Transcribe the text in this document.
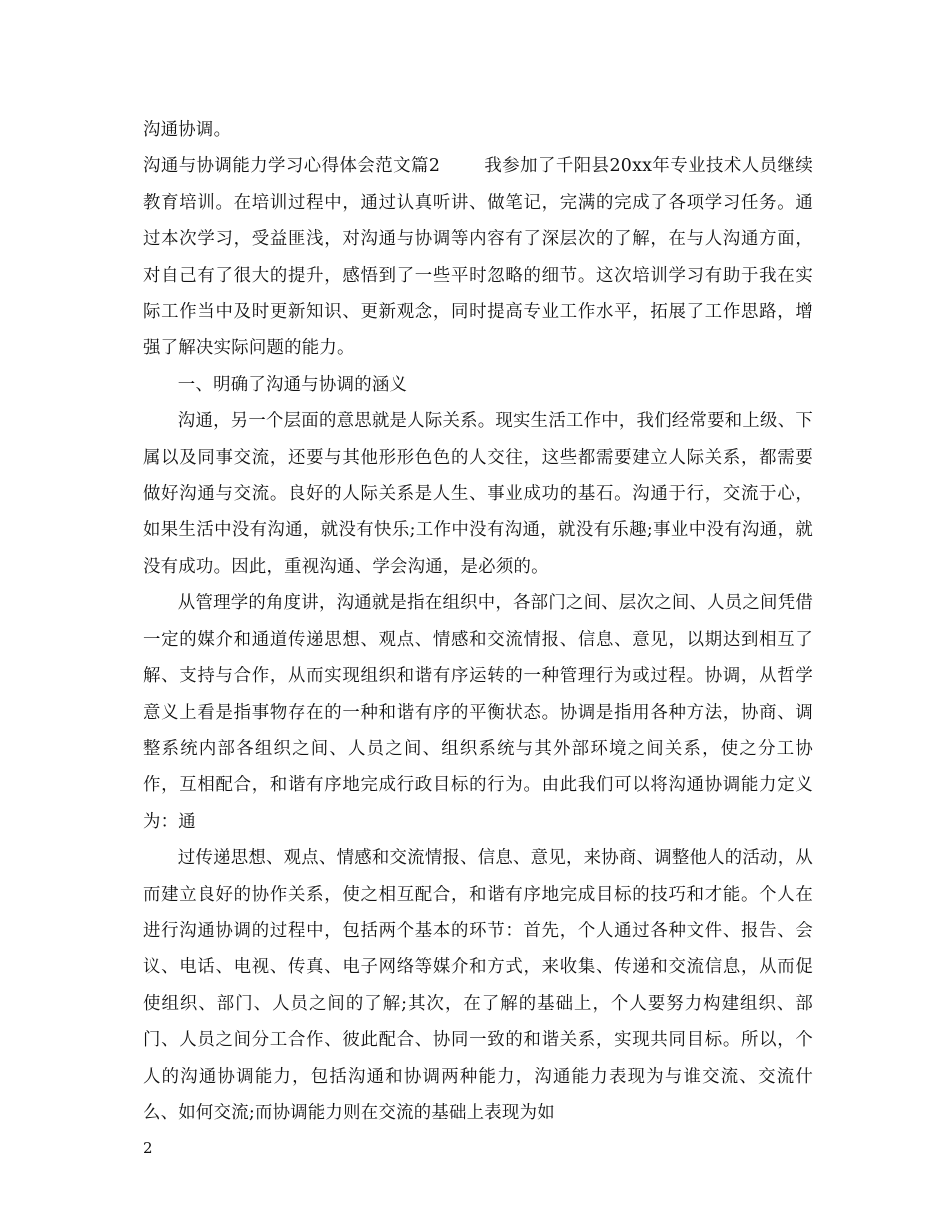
沟通协调。

沟通与协调能力学习心得体会范文篇2	我参加了千阳县20xx年专业技术人员继续教育培训。在培训过程中，通过认真听讲、做笔记，完满的完成了各项学习任务。通过本次学习，受益匪浅，对沟通与协调等内容有了深层次的了解，在与人沟通方面，对自己有了很大的提升，感悟到了一些平时忽略的细节。这次培训学习有助于我在实际工作当中及时更新知识、更新观念，同时提高专业工作水平，拓展了工作思路，增强了解决实际问题的能力。

一、明确了沟通与协调的涵义

沟通，另一个层面的意思就是人际关系。现实生活工作中，我们经常要和上级、下属以及同事交流，还要与其他形形色色的人交往，这些都需要建立人际关系，都需要做好沟通与交流。良好的人际关系是人生、事业成功的基石。沟通于行，交流于心，如果生活中没有沟通，就没有快乐;工作中没有沟通，就没有乐趣;事业中没有沟通，就没有成功。因此，重视沟通、学会沟通，是必须的。

从管理学的角度讲，沟通就是指在组织中，各部门之间、层次之间、人员之间凭借一定的媒介和通道传递思想、观点、情感和交流情报、信息、意见，以期达到相互了解、支持与合作，从而实现组织和谐有序运转的一种管理行为或过程。协调，从哲学意义上看是指事物存在的一种和谐有序的平衡状态。协调是指用各种方法，协商、调整系统内部各组织之间、人员之间、组织系统与其外部环境之间关系，使之分工协作，互相配合，和谐有序地完成行政目标的行为。由此我们可以将沟通协调能力定义为：通

过传递思想、观点、情感和交流情报、信息、意见，来协商、调整他人的活动，从而建立良好的协作关系，使之相互配合，和谐有序地完成目标的技巧和才能。个人在进行沟通协调的过程中，包括两个基本的环节：首先，个人通过各种文件、报告、会议、电话、电视、传真、电子网络等媒介和方式，来收集、传递和交流信息，从而促使组织、部门、人员之间的了解;其次，在了解的基础上，个人要努力构建组织、部门、人员之间分工合作、彼此配合、协同一致的和谐关系，实现共同目标。所以，个人的沟通协调能力，包括沟通和协调两种能力，沟通能力表现为与谁交流、交流什么、如何交流;而协调能力则在交流的基础上表现为如

2
